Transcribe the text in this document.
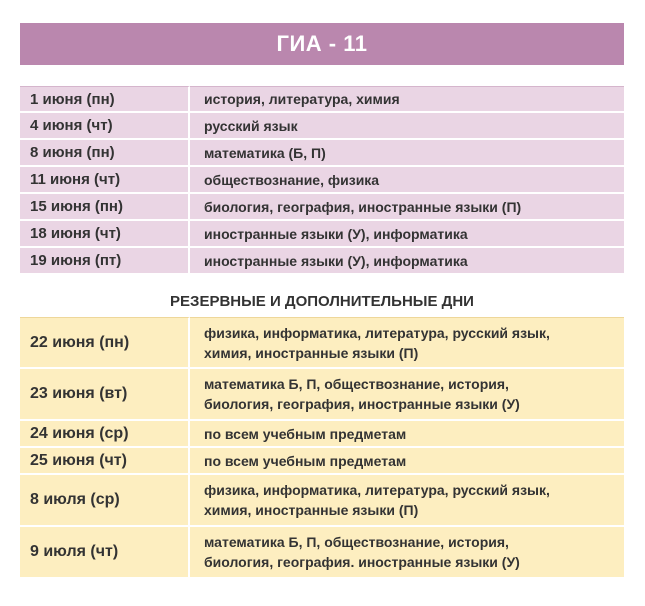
ГИА - 11
1 июня (пн)	история, литература, химия
4 июня (чт)	русский язык
8 июня (пн)	математика (Б, П)
11 июня (чт)	обществознание, физика
15 июня (пн)	биология, география, иностранные языки (П)
18 июня (чт)	иностранные языки (У), информатика
19 июня (пт)	иностранные языки (У), информатика
РЕЗЕРВНЫЕ И ДОПОЛНИТЕЛЬНЫЕ ДНИ
22 июня (пн)	физика, информатика, литература, русский язык,
химия, иностранные языки (П)

23 июня (вт)	математика Б, П, обществознание, история,
биология, география, иностранные языки (У)

24 июня (ср)	по всем учебным предметам
25 июня (чт)	по всем учебным предметам
8 июля (ср)	физика, информатика, литература, русский язык,
химия, иностранные языки (П)

9 июля (чт)	математика Б, П, обществознание, история,
биология, география. иностранные языки (У)
